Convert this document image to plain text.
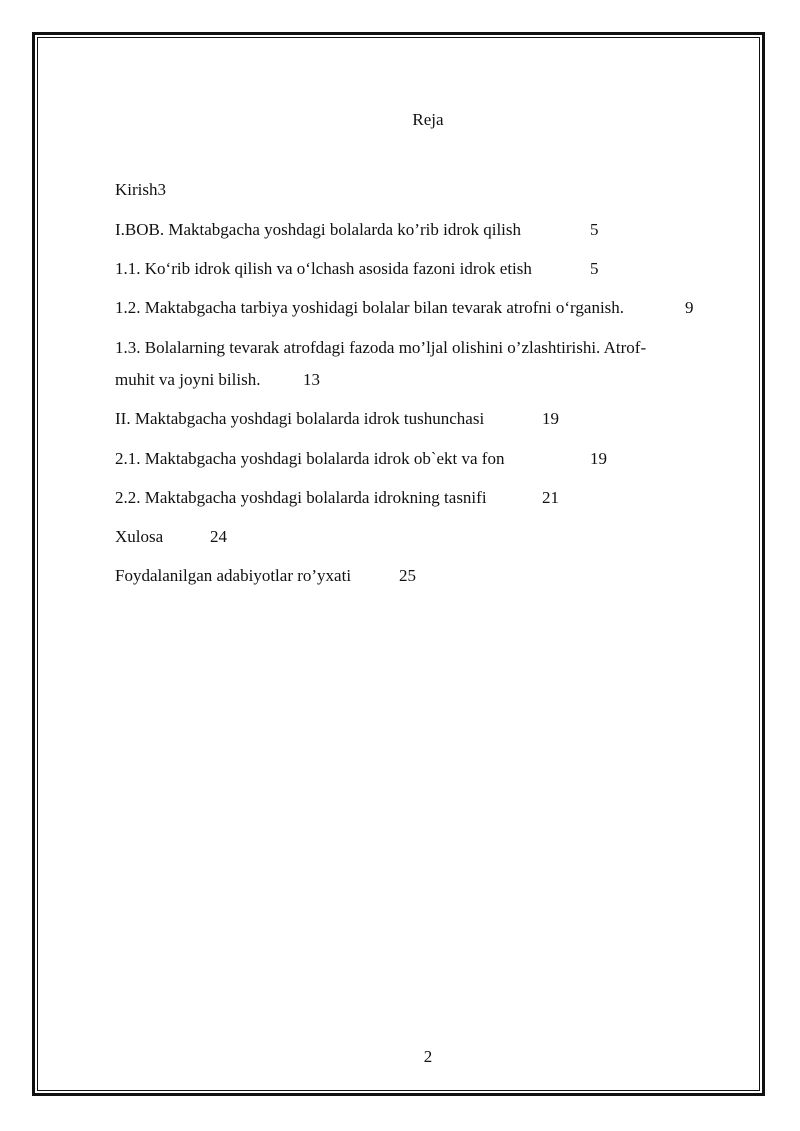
Reja
Kirish3
I.BOB. Maktabgacha yoshdagi bolalarda ko’rib idrok qilish	5
1.1. Ko‘rib idrok qilish va o‘lchash asosida fazoni idrok etish	5
1.2. Maktabgacha tarbiya yoshidagi bolalar bilan tevarak atrofni o‘rganish.	9
1.3. Bolalarning tevarak atrofdagi fazoda mo’ljal olishini o’zlashtirishi. Atrof-
muhit va joyni bilish.	13
II. Maktabgacha yoshdagi bolalarda idrok tushunchasi	19
2.1. Maktabgacha yoshdagi bolalarda idrok ob`ekt va fon	19
2.2. Maktabgacha yoshdagi bolalarda idrokning tasnifi	21
Xulosa	24
Foydalanilgan adabiyotlar ro’yxati	25
2
